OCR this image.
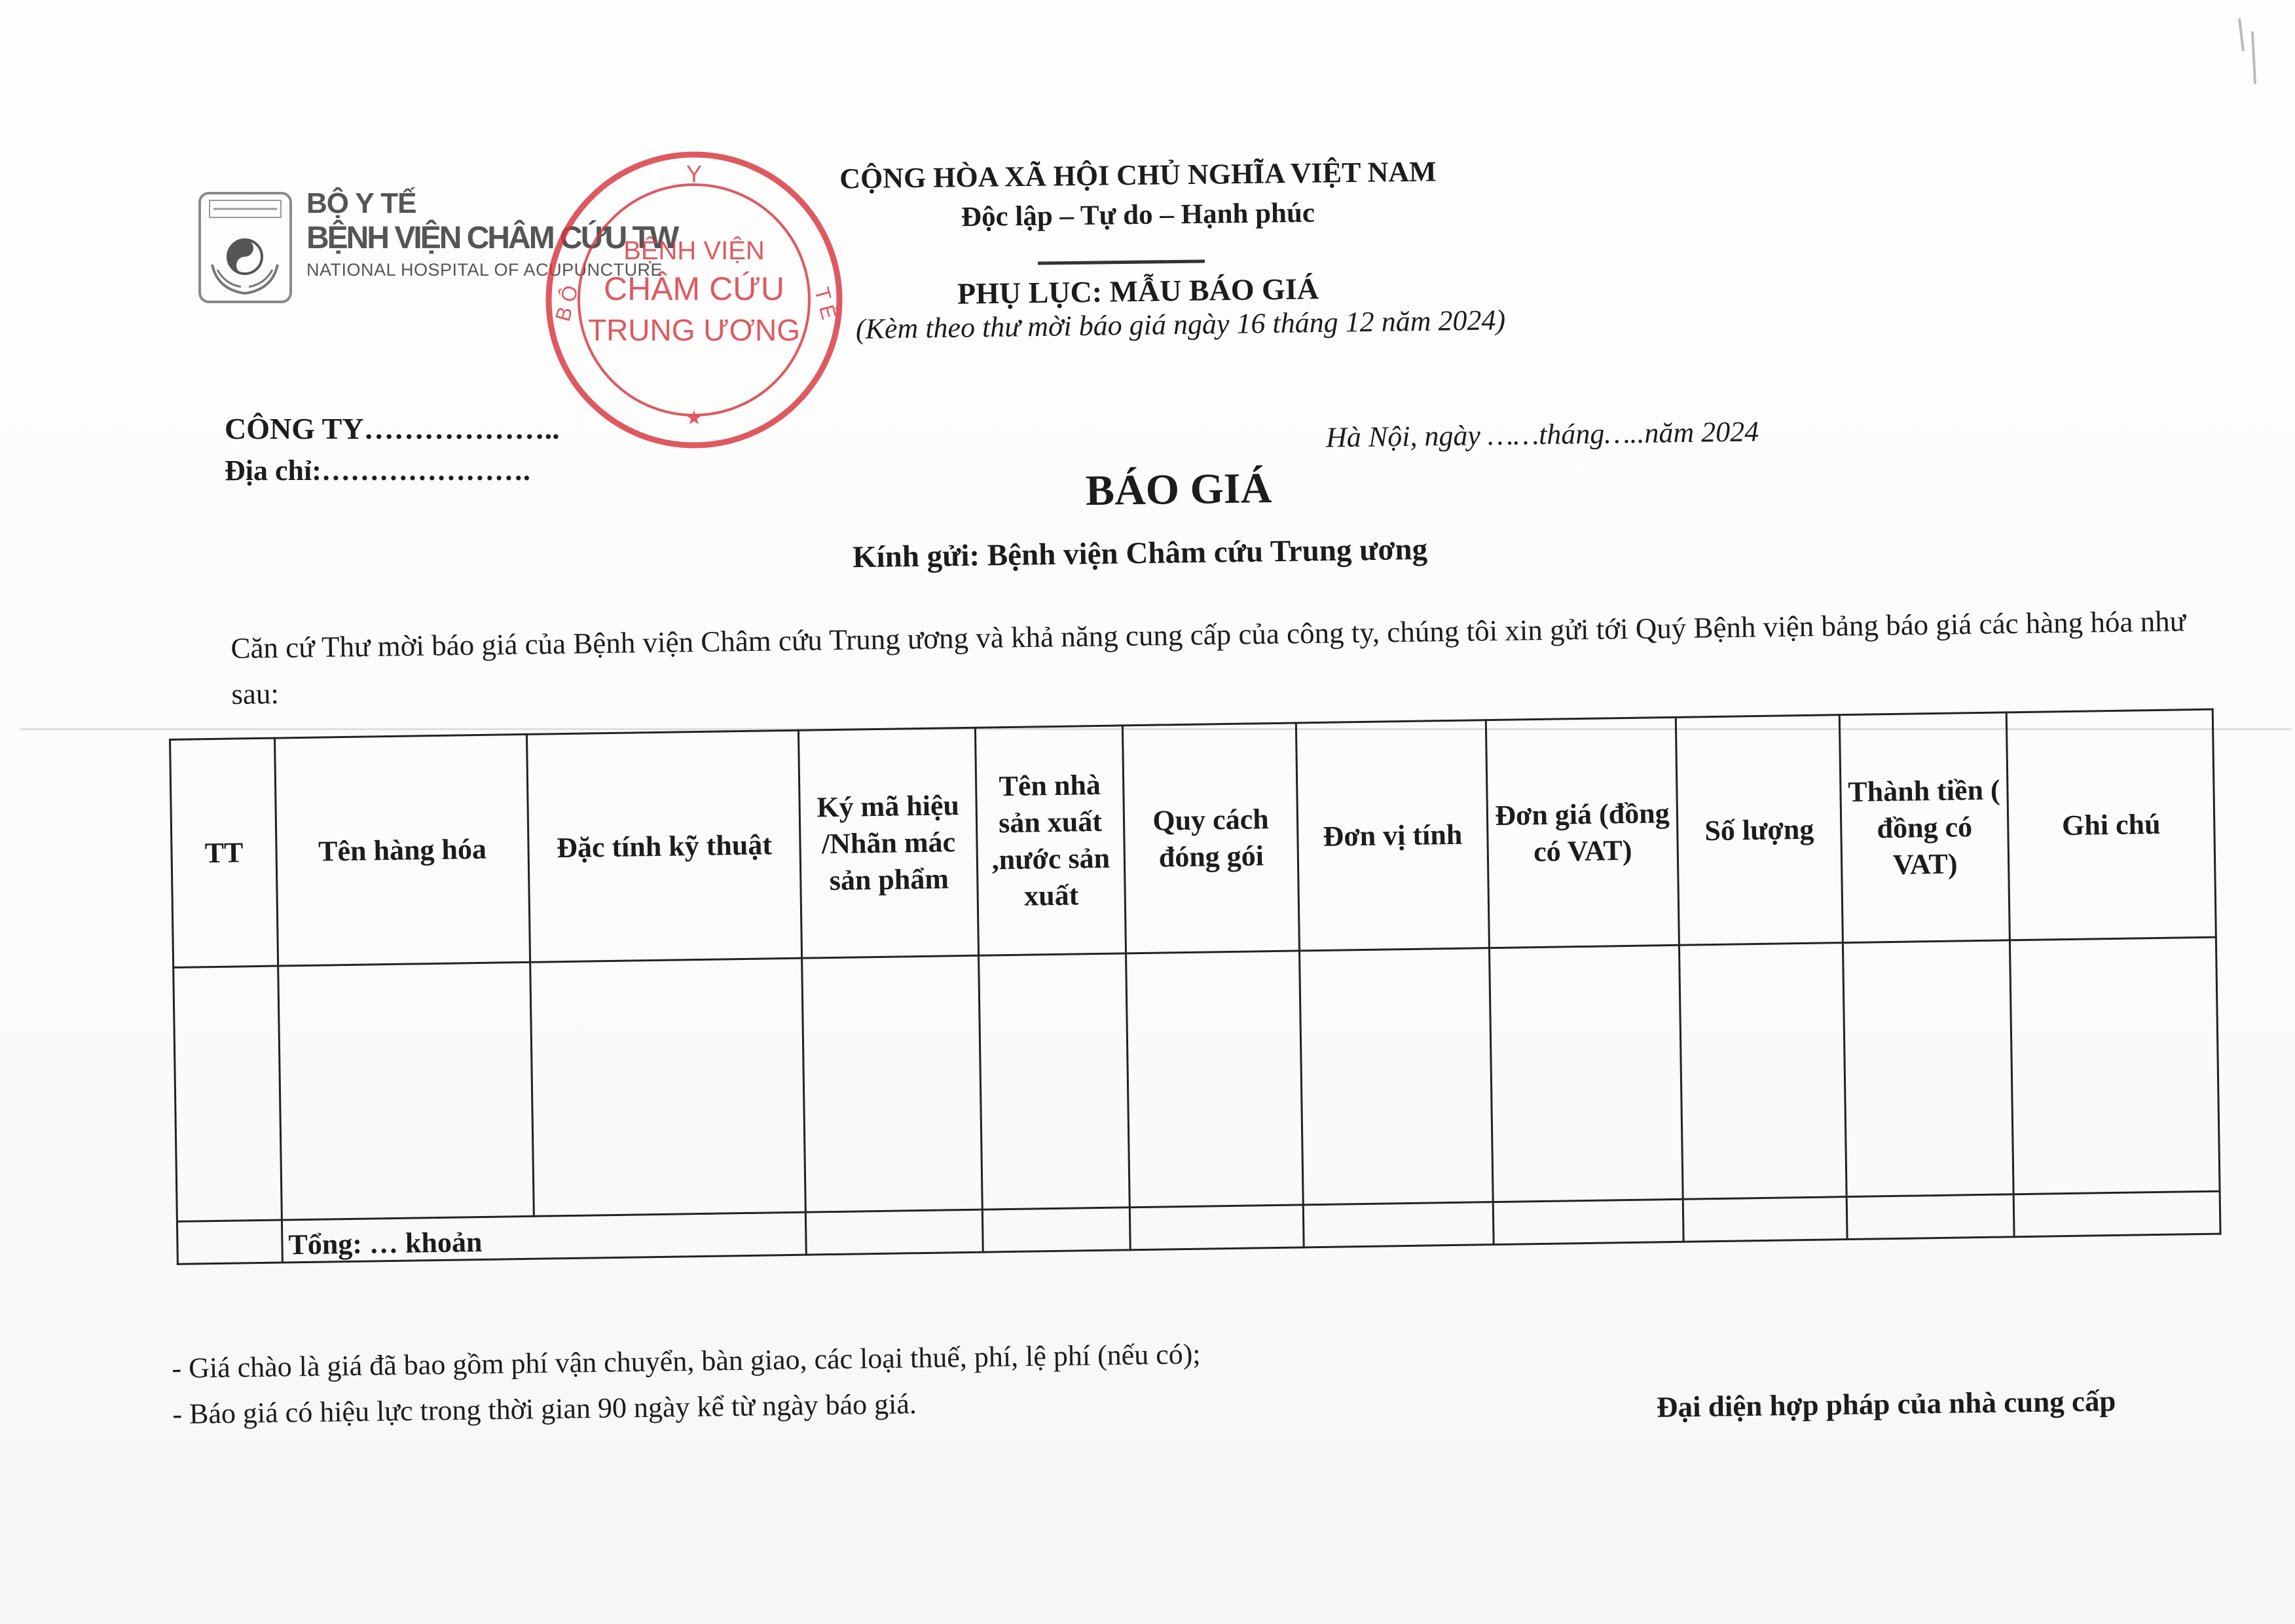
BỘ Y TẾ
BỆNH VIỆN CHÂM CỨU TW
NATIONAL HOSPITAL OF ACUPUNCTURE
Y
B Ộ	T Ế
BỆNH VIỆN
CHÂM CỨU
TRUNG ƯƠNG
★
CỘNG HÒA XÃ HỘI CHỦ NGHĨA VIỆT NAM
Độc lập – Tự do – Hạnh phúc
PHỤ LỤC: MẪU BÁO GIÁ
(Kèm theo thư mời báo giá ngày 16 tháng 12 năm 2024)
CÔNG TY………………..
Địa chỉ:………………….
Hà Nội, ngày ……tháng…..năm 2024
BÁO GIÁ
Kính gửi: Bệnh viện Châm cứu Trung ương
Căn cứ Thư mời báo giá của Bệnh viện Châm cứu Trung ương và khả năng cung cấp của công ty, chúng tôi xin gửi tới Quý Bệnh viện bảng báo giá các hàng hóa như sau:
TT	Tên hàng hóa	Đặc tính kỹ thuật	Ký mã hiệu /Nhãn mác sản phẩm	Tên nhà sản xuất ,nước sản xuất	Quy cách đóng gói	Đơn vị tính	Đơn giá (đồng có VAT)	Số lượng	Thành tiền ( đồng có VAT)	Ghi chú

	Tổng: … khoản									
- Giá chào là giá đã bao gồm phí vận chuyển, bàn giao, các loại thuế, phí, lệ phí (nếu có);
- Báo giá có hiệu lực trong thời gian 90 ngày kể từ ngày báo giá.	Đại diện hợp pháp của nhà cung cấp
